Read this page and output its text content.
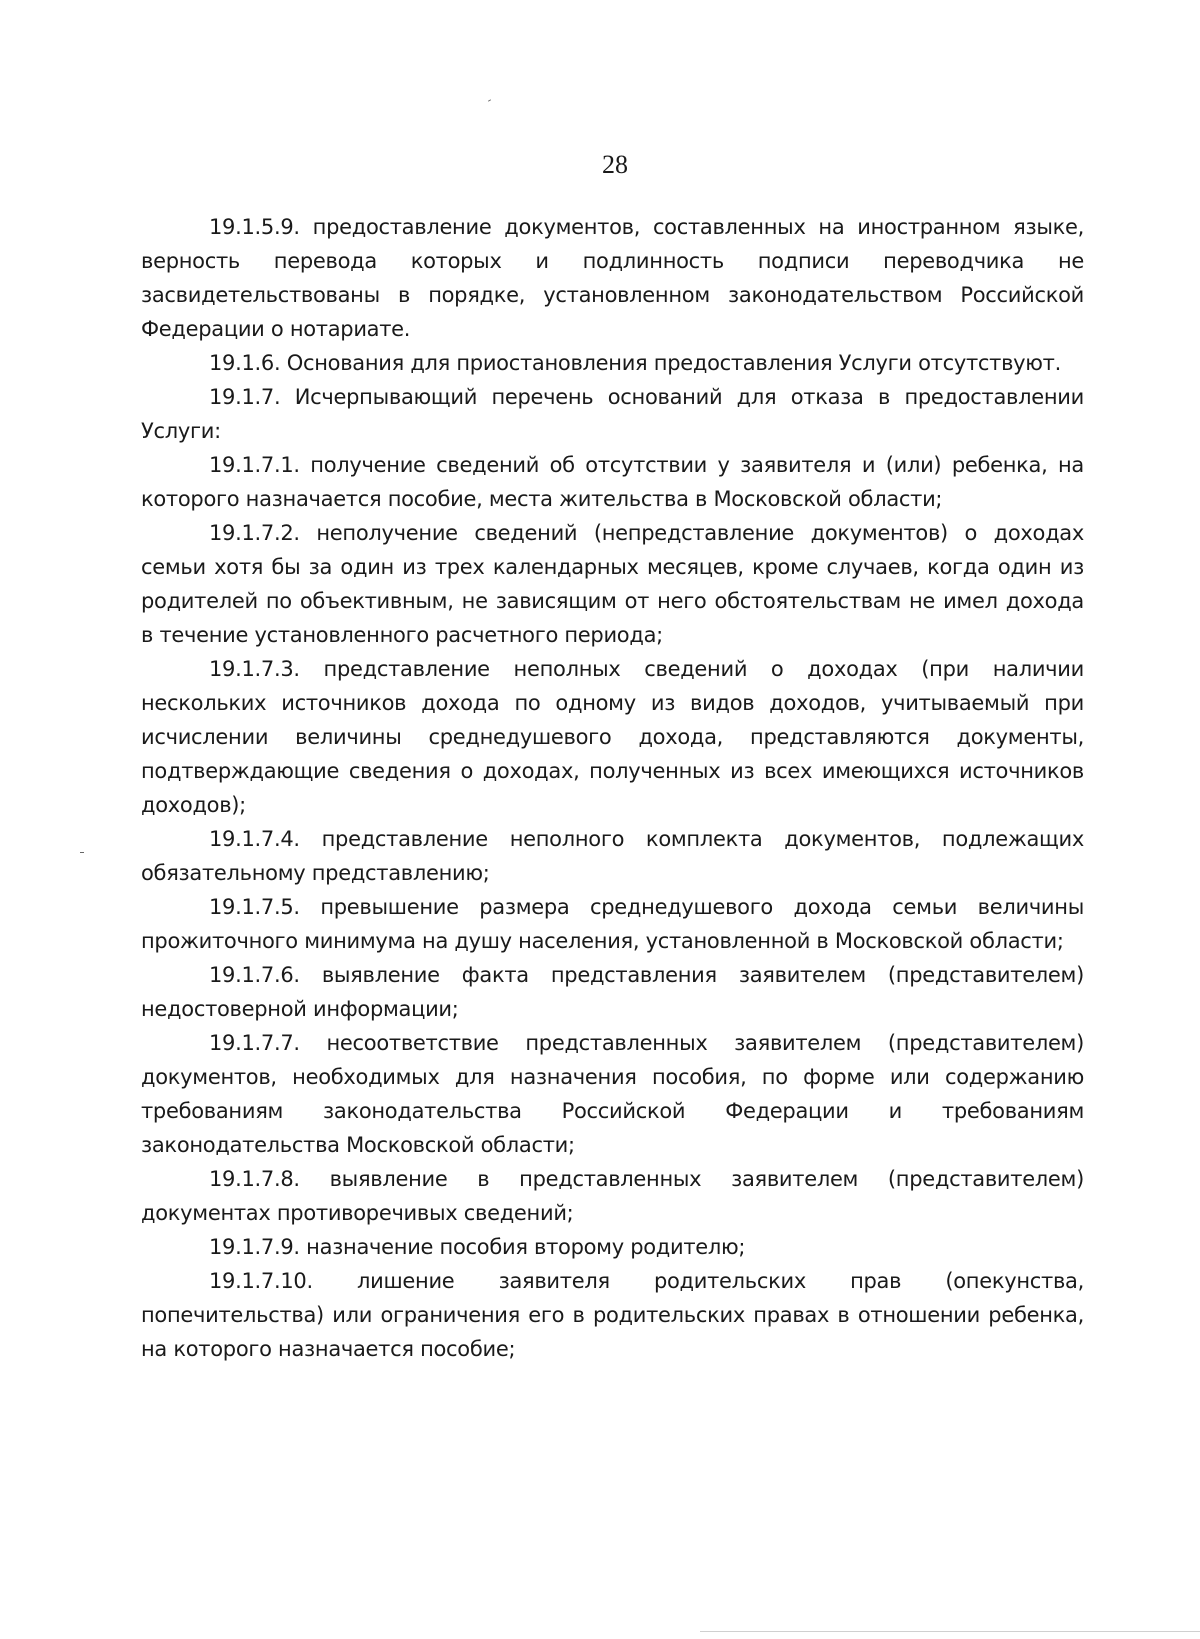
28

19.1.5.9. предоставление документов, составленных на иностранном языке, верность перевода которых и подлинность подписи переводчика не засвидетельствованы в порядке, установленном законодательством Российской Федерации о нотариате.

19.1.6. Основания для приостановления предоставления Услуги отсутствуют.

19.1.7. Исчерпывающий перечень оснований для отказа в предоставлении Услуги:

19.1.7.1. получение сведений об отсутствии у заявителя и (или) ребенка, на которого назначается пособие, места жительства в Московской области;

19.1.7.2. неполучение сведений (непредставление документов) о доходах семьи хотя бы за один из трех календарных месяцев, кроме случаев, когда один из родителей по объективным, не зависящим от него обстоятельствам не имел дохода в течение установленного расчетного периода;

19.1.7.3. представление неполных сведений о доходах (при наличии нескольких источников дохода по одному из видов доходов, учитываемый при исчислении величины среднедушевого дохода, представляются документы, подтверждающие сведения о доходах, полученных из всех имеющихся источников доходов);

19.1.7.4. представление неполного комплекта документов, подлежащих обязательному представлению;

19.1.7.5. превышение размера среднедушевого дохода семьи величины прожиточного минимума на душу населения, установленной в Московской области;

19.1.7.6. выявление факта представления заявителем (представителем) недостоверной информации;

19.1.7.7. несоответствие представленных заявителем (представителем) документов, необходимых для назначения пособия, по форме или содержанию требованиям законодательства Российской Федерации и требованиям законодательства Московской области;

19.1.7.8. выявление в представленных заявителем (представителем) документах противоречивых сведений;

19.1.7.9. назначение пособия второму родителю;

19.1.7.10. лишение заявителя родительских прав (опекунства, попечительства) или ограничения его в родительских правах в отношении ребенка, на которого назначается пособие;
